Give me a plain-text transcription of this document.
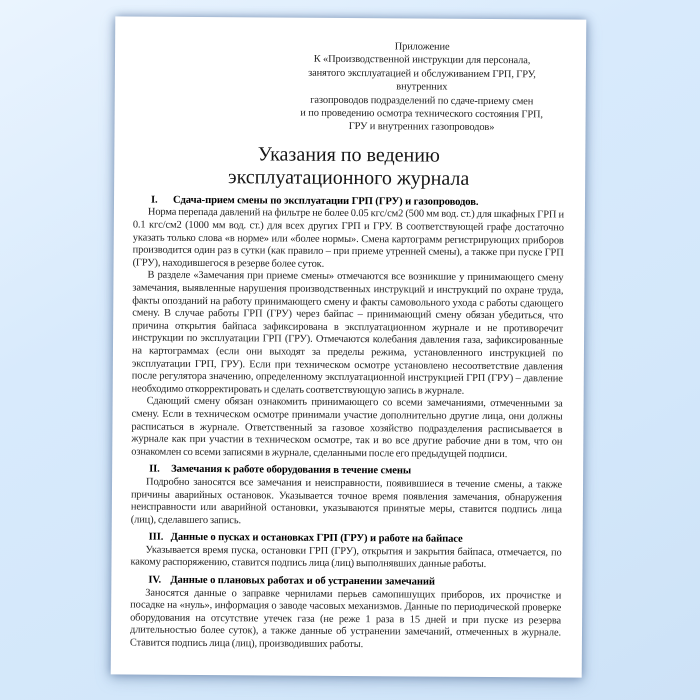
Приложение
К «Производственной инструкции для персонала,
занятого эксплуатацией и обслуживанием ГРП, ГРУ, внутренних
газопроводов подразделений по сдаче-приему смен
и по проведению осмотра технического состояния ГРП,
ГРУ и внутренних газопроводов»
Указания по ведению
эксплуатационного журнала

I. Сдача-прием смены по эксплуатации ГРП (ГРУ) и газопроводов.

Норма перепада давлений на фильтре не более 0.05 кгс/см2 (500 мм вод. ст.) для шкафных ГРП и 0.1 кгс/см2 (1000 мм вод. ст.) для всех других ГРП и ГРУ. В соответствующей графе достаточно указать только слова «в норме» или «более нормы». Смена картограмм регистрирующих приборов производится один раз в сутки (как правило – при приеме утренней смены), а также при пуске ГРП (ГРУ), находившегося в резерве более суток.

В разделе «Замечания при приеме смены» отмечаются все возникшие у принимающего смену замечания, выявленные нарушения производственных инструкций и инструкций по охране труда, факты опозданий на работу принимающего смену и факты самовольного ухода с работы сдающего смену. В случае работы ГРП (ГРУ) через байпас – принимающий смену обязан убедиться, что причина открытия байпаса зафиксирована в эксплуатационном журнале и не противоречит инструкции по эксплуатации ГРП (ГРУ). Отмечаются колебания давления газа, зафиксированные на картограммах (если они выходят за пределы режима, установленного инструкцией по эксплуатации ГРП, ГРУ). Если при техническом осмотре установлено несоответствие давления после регулятора значению, определенному эксплуатационной инструкцией ГРП (ГРУ) – давление необходимо откорректировать и сделать соответствующую запись в журнале.

Сдающий смену обязан ознакомить принимающего со всеми замечаниями, отмеченными за смену. Если в техническом осмотре принимали участие дополнительно другие лица, они должны расписаться в журнале. Ответственный за газовое хозяйство подразделения расписывается в журнале как при участии в техническом осмотре, так и во все другие рабочие дни в том, что он ознакомлен со всеми записями в журнале, сделанными после его предыдущей подписи.

II. Замечания к работе оборудования в течение смены

Подробно заносятся все замечания и неисправности, появившиеся в течение смены, а также причины аварийных остановок. Указывается точное время появления замечания, обнаружения неисправности или аварийной остановки, указываются принятые меры, ставится подпись лица (лиц), сделавшего запись.

III. Данные о пусках и остановках ГРП (ГРУ) и работе на байпасе

Указывается время пуска, остановки ГРП (ГРУ), открытия и закрытия байпаса, отмечается, по какому распоряжению, ставится подпись лица (лиц) выполнявших данные работы.

IV. Данные о плановых работах и об устранении замечаний

Заносятся данные о заправке чернилами перьев самопишущих приборов, их прочистке и посадке на «нуль», информация о заводе часовых механизмов. Данные по периодической проверке оборудования на отсутствие утечек газа (не реже 1 раза в 15 дней и при пуске из резерва длительностью более суток), а также данные об устранении замечаний, отмеченных в журнале. Ставится подпись лица (лиц), производивших работы.
